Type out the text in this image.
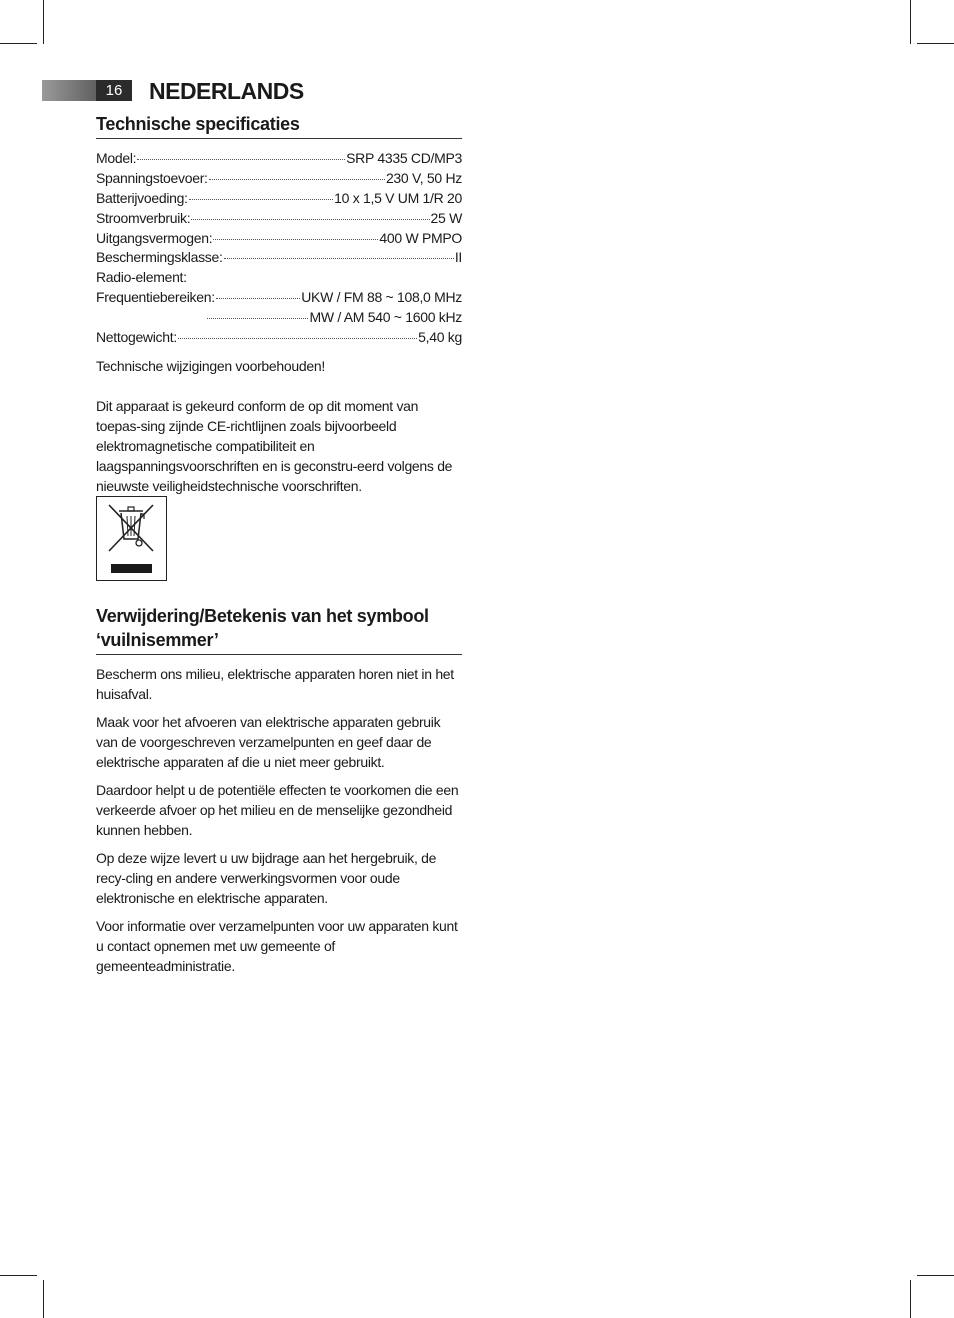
16	NEDERLANDS
Technische specificaties
Model:	SRP 4335 CD/MP3
Spanningstoevoer:	230 V, 50 Hz
Batterijvoeding:	10 x 1,5 V UM 1/R 20
Stroomverbruik:	25 W
Uitgangsvermogen:	400 W PMPO
Beschermingsklasse:	II
Radio-element:
Frequentiebereiken:	UKW / FM 88 ~ 108,0 MHz
MW / AM 540 ~ 1600 kHz
Nettogewicht:	5,40 kg

Technische wijzigingen voorbehouden!

Dit apparaat is gekeurd conform de op dit moment van toepas-sing zijnde CE-richtlijnen zoals bijvoorbeeld elektromagnetische compatibiliteit en laagspanningsvoorschriften en is geconstru-eerd volgens de nieuwste veiligheidstechnische voorschriften.

Verwijdering/Betekenis van het symbool
‘vuilnisemmer’

Bescherm ons milieu, elektrische apparaten horen niet in het huisafval.

Maak voor het afvoeren van elektrische apparaten gebruik van de voorgeschreven verzamelpunten en geef daar de elektrische apparaten af die u niet meer gebruikt.

Daardoor helpt u de potentiële effecten te voorkomen die een verkeerde afvoer op het milieu en de menselijke gezondheid kunnen hebben.

Op deze wijze levert u uw bijdrage aan het hergebruik, de recy-cling en andere verwerkingsvormen voor oude elektronische en elektrische apparaten.

Voor informatie over verzamelpunten voor uw apparaten kunt u contact opnemen met uw gemeente of gemeenteadministratie.
